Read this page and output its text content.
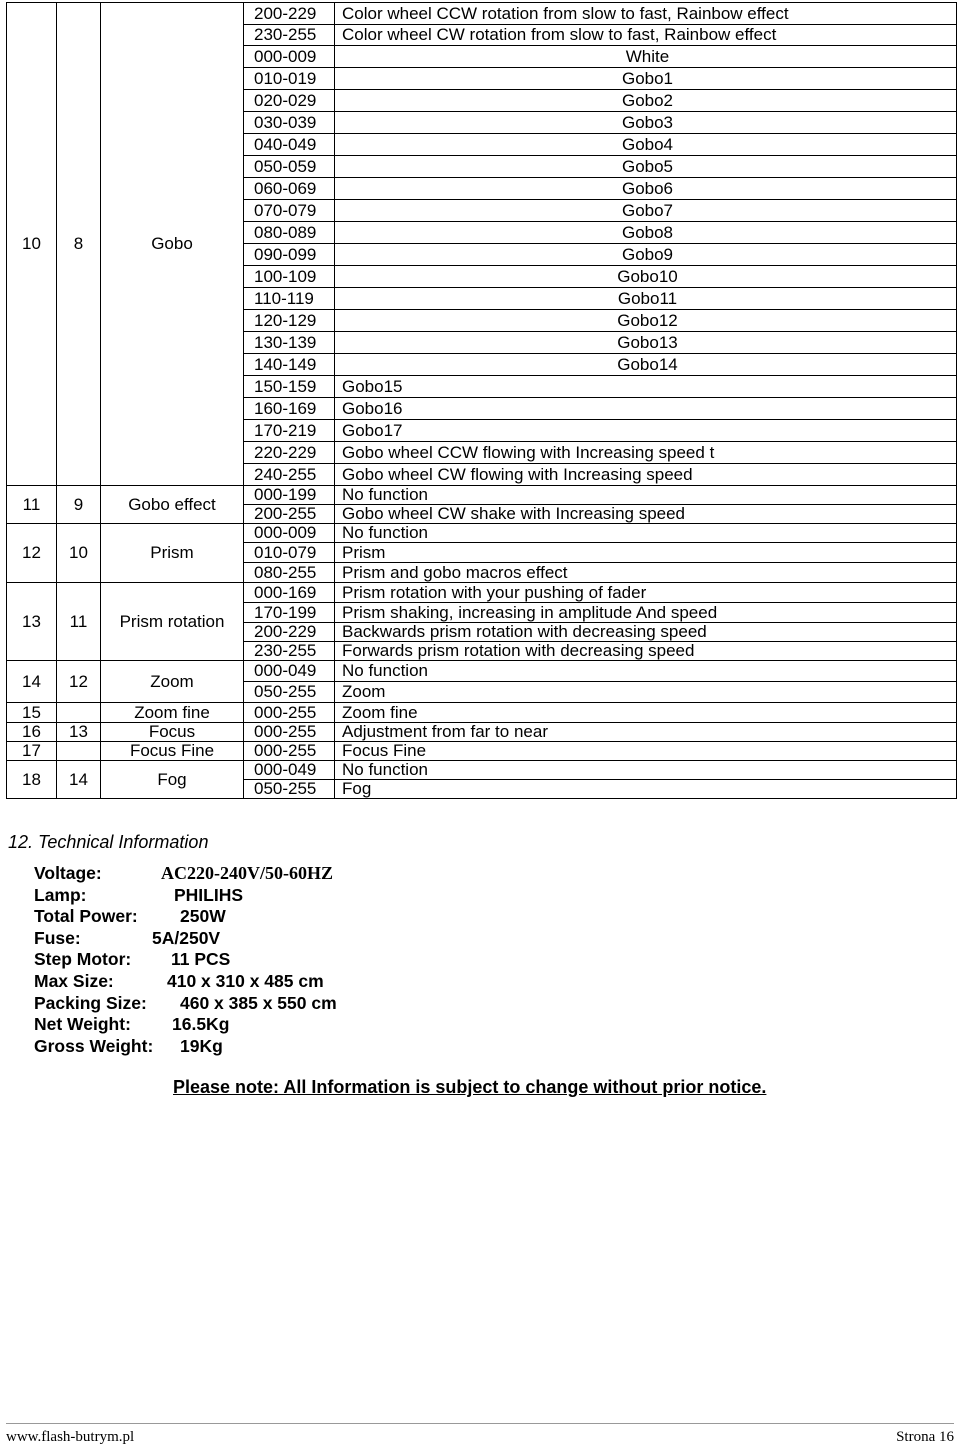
10	8	Gobo	200-229	Color wheel CCW rotation from slow to fast, Rainbow effect
			230-255	Color wheel CW rotation from slow to fast, Rainbow effect
			000-009	White
			010-019	Gobo1
			020-029	Gobo2
			030-039	Gobo3
			040-049	Gobo4
			050-059	Gobo5
			060-069	Gobo6
			070-079	Gobo7
			080-089	Gobo8
			090-099	Gobo9
			100-109	Gobo10
			110-119	Gobo11
			120-129	Gobo12
			130-139	Gobo13
			140-149	Gobo14
			150-159	Gobo15
			160-169	Gobo16
			170-219	Gobo17
			220-229	Gobo wheel CCW flowing with Increasing speed t
			240-255	Gobo wheel CW flowing with Increasing speed
11	9	Gobo effect	000-199	No function
			200-255	Gobo wheel CW shake with Increasing speed
12	10	Prism	000-009	No function
			010-079	Prism
			080-255	Prism and gobo macros effect
13	11	Prism rotation	000-169	Prism rotation with your pushing of fader
			170-199	Prism shaking, increasing in amplitude And speed
			200-229	Backwards prism rotation with decreasing speed
			230-255	Forwards prism rotation with decreasing speed
14	12	Zoom	000-049	No function
			050-255	Zoom
15		Zoom fine	000-255	Zoom fine
16	13	Focus	000-255	Adjustment from far to near
17		Focus Fine	000-255	Focus Fine
18	14	Fog	000-049	No function
			050-255	Fog
12. Technical Information
Voltage:	AC220-240V/50-60HZ
Lamp:	PHILIHS
Total Power: 250W
Fuse:	5A/250V
Step Motor: 11 PCS
Max Size:	410 x 310 x 485 cm
Packing Size: 460 x 385 x 550 cm
Net Weight: 16.5Kg
Gross Weight: 19Kg
Please note: All Information is subject to change without prior notice.
www.flash-butrym.pl	Strona 16
